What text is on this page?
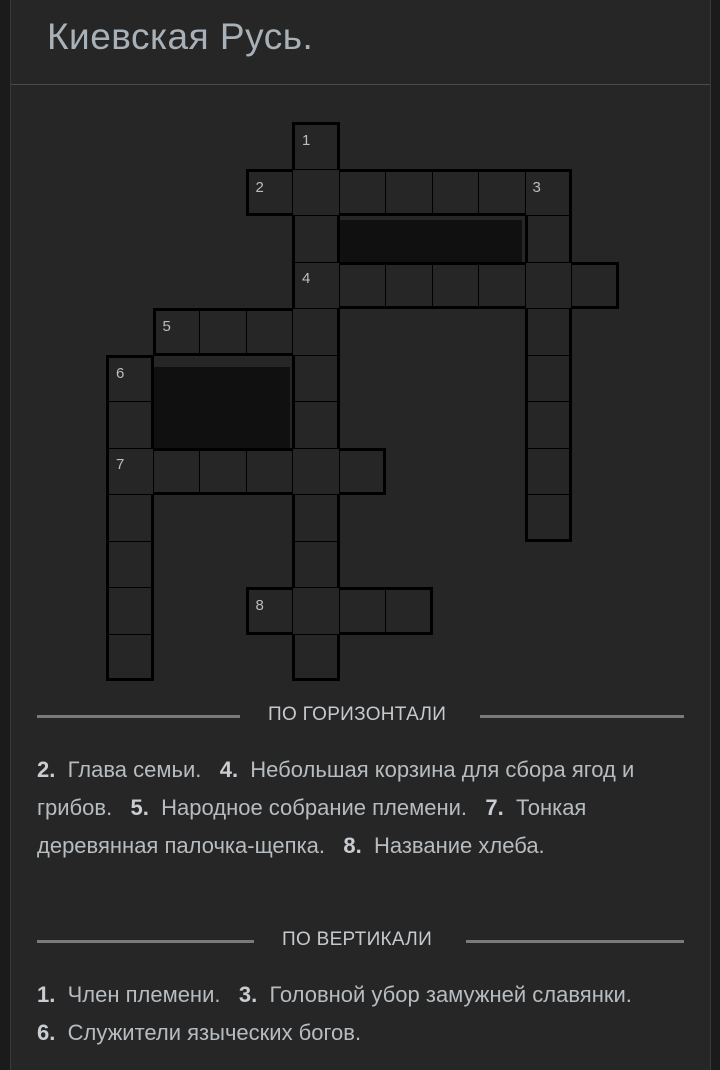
Киевская Русь.
1
4
2	3
5
6
7
8
ПО ГОРИЗОНТАЛИ
2. Глава семьи. 4. Небольшая корзина для сбора ягод и грибов. 5. Народное собрание племени. 7. Тонкая деревянная палочка-щепка. 8. Название хлеба.
ПО ВЕРТИКАЛИ
1. Член племени. 3. Головной убор замужней славянки.   6. Служители языческих богов.
